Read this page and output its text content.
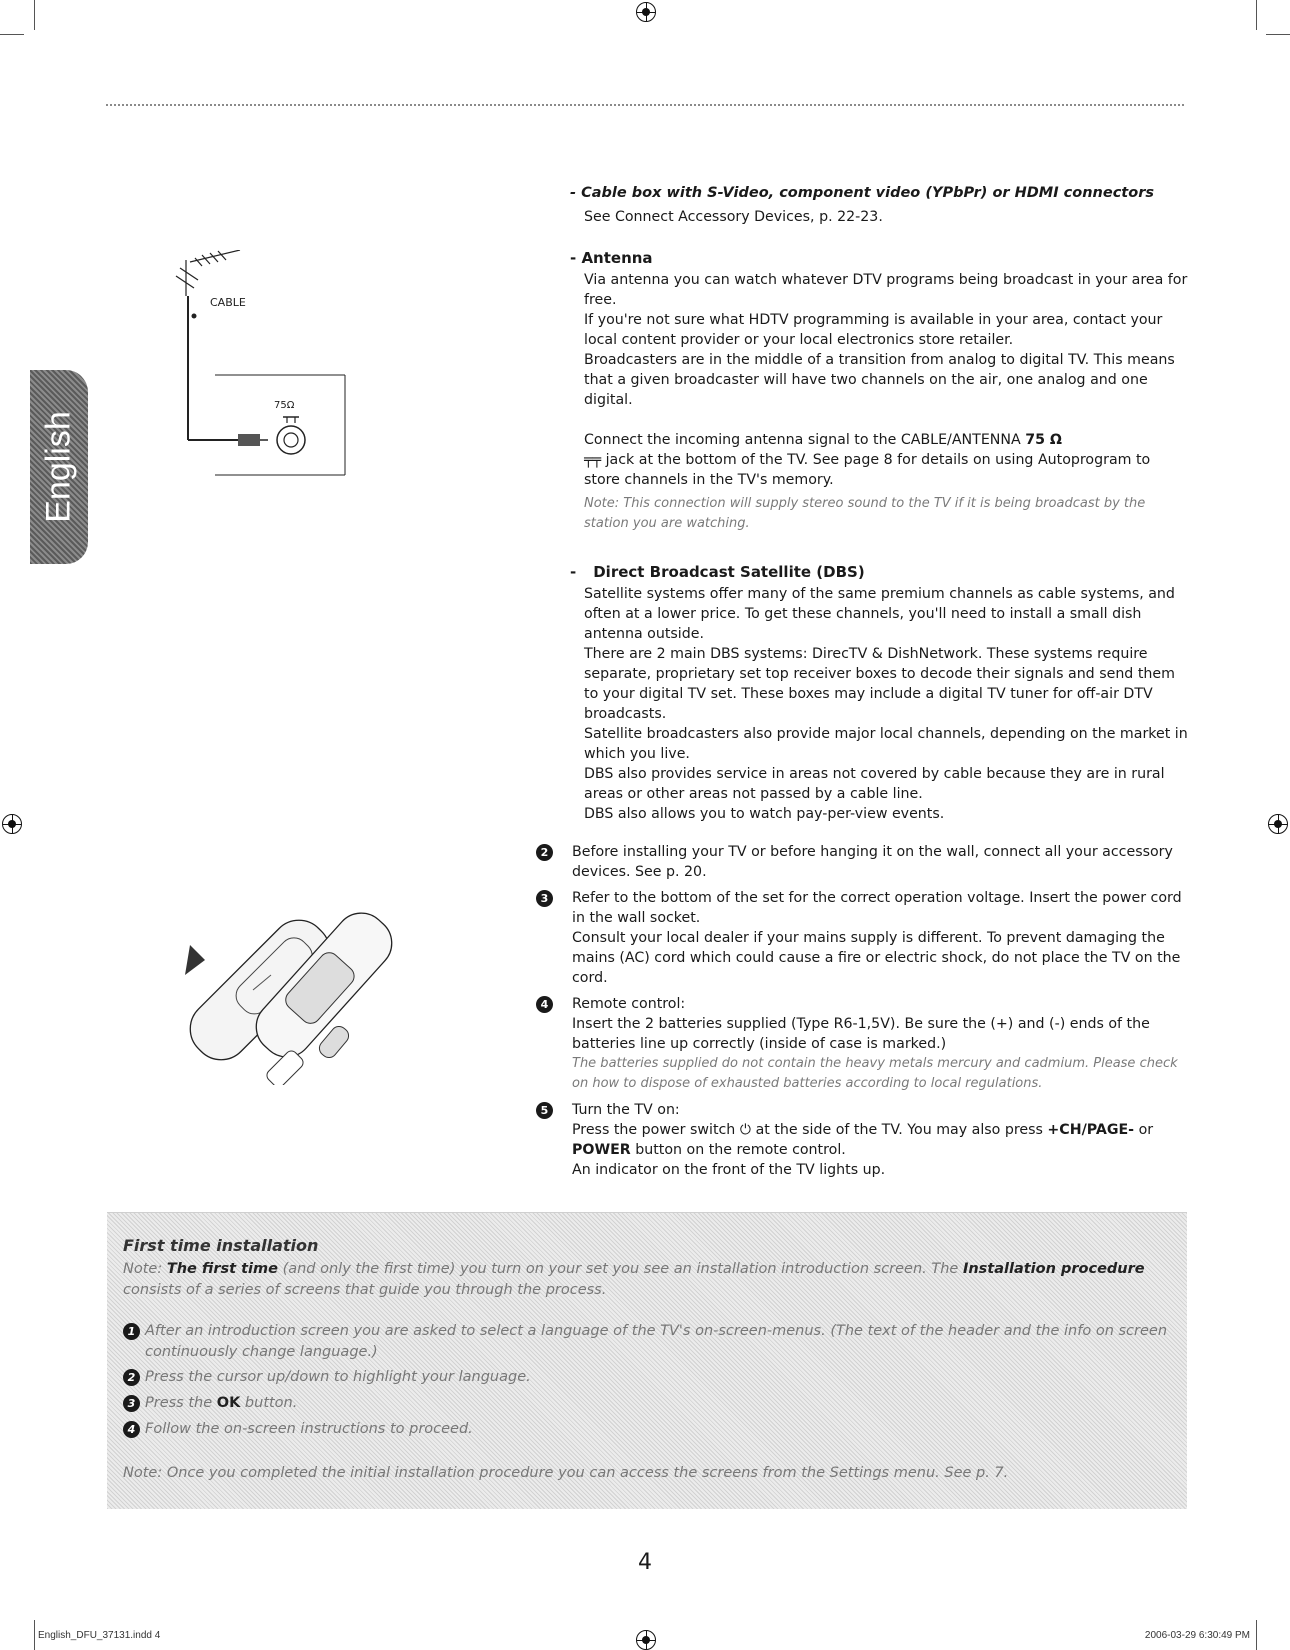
English
CABLE
75Ω
- Cable box with S-Video, component video (YPbPr) or HDMI connectors
See Connect Accessory Devices, p. 22-23.
- Antenna
Via antenna you can watch whatever DTV programs being broadcast in your area for free.
If you're not sure what HDTV programming is available in your area, contact your local content provider or your local electronics store retailer.
Broadcasters are in the middle of a transition from analog to digital TV. This means that a given broadcaster will have two channels on the air, one analog and one digital.
Connect the incoming antenna signal to the CABLE/ANTENNA 75 Ω
╤╤ jack at the bottom of the TV. See page 8 for details on using Autoprogram to store channels in the TV's memory.
Note: This connection will supply stereo sound to the TV if it is being broadcast by the station you are watching.
- Direct Broadcast Satellite (DBS)
Satellite systems offer many of the same premium channels as cable systems, and often at a lower price. To get these channels, you'll need to install a small dish antenna outside.
There are 2 main DBS systems: DirecTV & DishNetwork. These systems require separate, proprietary set top receiver boxes to decode their signals and send them to your digital TV set. These boxes may include a digital TV tuner for off-air DTV broadcasts.
Satellite broadcasters also provide major local channels, depending on the market in which you live.
DBS also provides service in areas not covered by cable because they are in rural areas or other areas not passed by a cable line.
DBS also allows you to watch pay-per-view events.
2	Before installing your TV or before hanging it on the wall, connect all your accessory devices. See p. 20.
3	Refer to the bottom of the set for the correct operation voltage. Insert the power cord in the wall socket.
Consult your local dealer if your mains supply is different. To prevent damaging the mains (AC) cord which could cause a fire or electric shock, do not place the TV on the cord.
4	Remote control:
Insert the 2 batteries supplied (Type R6-1,5V). Be sure the (+) and (-) ends of the batteries line up correctly (inside of case is marked.)
The batteries supplied do not contain the heavy metals mercury and cadmium. Please check on how to dispose of exhausted batteries according to local regulations.
5	Turn the TV on:
Press the power switch ⏻ at the side of the TV. You may also press +CH/PAGE- or POWER button on the remote control.
An indicator on the front of the TV lights up.
First time installation
Note: The first time (and only the first time) you turn on your set you see an installation introduction screen. The Installation procedure consists of a series of screens that guide you through the process.
1 After an introduction screen you are asked to select a language of the TV's on-screen-menus. (The text of the header and the info on screen continuously change language.)
2 Press the cursor up/down to highlight your language.
3 Press the OK button.
4 Follow the on-screen instructions to proceed.
Note: Once you completed the initial installation procedure you can access the screens from the Settings menu. See p. 7.
4
English_DFU_37131.indd 4	2006-03-29 6:30:49 PM
